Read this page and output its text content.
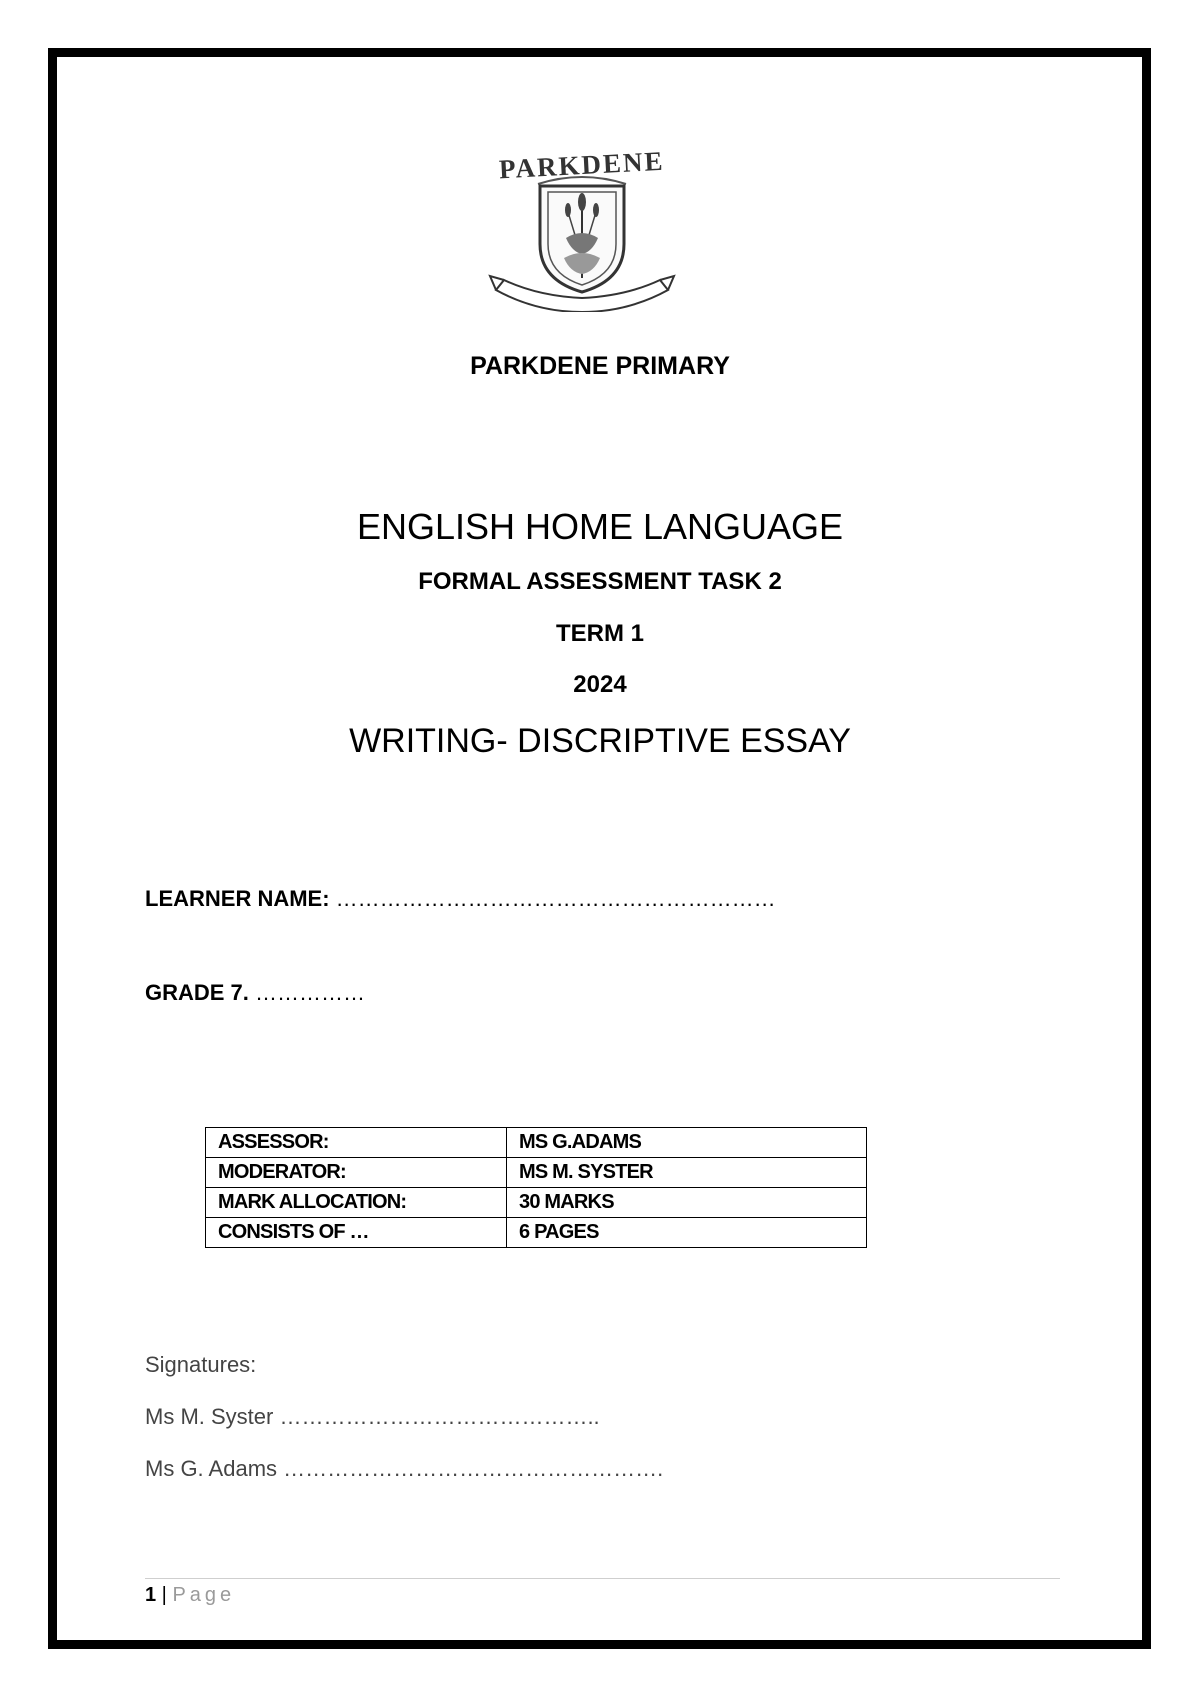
PARKDENE
PARKDENE PRIMARY
ENGLISH HOME LANGUAGE
FORMAL ASSESSMENT TASK 2
TERM 1
2024
WRITING- DISCRIPTIVE ESSAY
LEARNER NAME: ……………………………………………………
GRADE 7. ……………
ASSESSOR:	MS G.ADAMS
MODERATOR:	MS M. SYSTER
MARK ALLOCATION:	30 MARKS
CONSISTS OF …	6 PAGES
Signatures:
Ms M. Syster ……………………………………..
Ms G. Adams …………………………………………….
1 | Page
